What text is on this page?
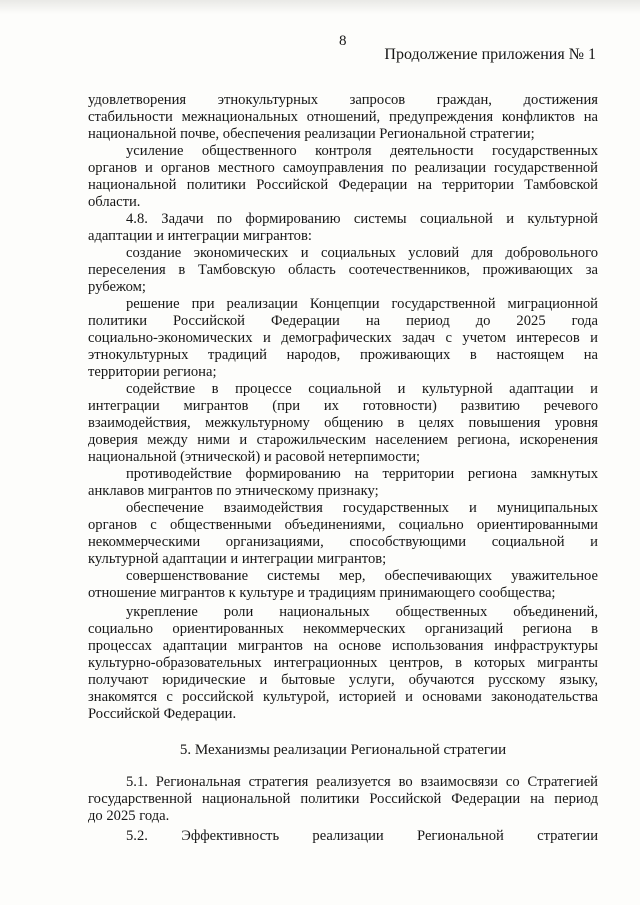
8
Продолжение приложения № 1
удовлетворения этнокультурных запросов граждан, достижения
стабильности межнациональных отношений, предупреждения конфликтов на
национальной почве, обеспечения реализации Региональной стратегии;
усиление общественного контроля деятельности государственных
органов и органов местного самоуправления по реализации государственной
национальной политики Российской Федерации на территории Тамбовской
области.
4.8. Задачи по формированию системы социальной и культурной
адаптации и интеграции мигрантов:
создание экономических и социальных условий для добровольного
переселения в Тамбовскую область соотечественников, проживающих за
рубежом;
решение при реализации Концепции государственной миграционной
политики Российской Федерации на период до 2025 года
социально-экономических и демографических задач с учетом интересов и
этнокультурных традиций народов, проживающих в настоящем на
территории региона;
содействие в процессе социальной и культурной адаптации и
интеграции мигрантов (при их готовности) развитию речевого
взаимодействия, межкультурному общению в целях повышения уровня
доверия между ними и старожильческим населением региона, искоренения
национальной (этнической) и расовой нетерпимости;
противодействие формированию на территории региона замкнутых
анклавов мигрантов по этническому признаку;
обеспечение взаимодействия государственных и муниципальных
органов с общественными объединениями, социально ориентированными
некоммерческими организациями, способствующими социальной и
культурной адаптации и интеграции мигрантов;
совершенствование системы мер, обеспечивающих уважительное
отношение мигрантов к культуре и традициям принимающего сообщества;
укрепление роли национальных общественных объединений,
социально ориентированных некоммерческих организаций региона в
процессах адаптации мигрантов на основе использования инфраструктуры
культурно-образовательных интеграционных центров, в которых мигранты
получают юридические и бытовые услуги, обучаются русскому языку,
знакомятся с российской культурой, историей и основами законодательства
Российской Федерации.
5. Механизмы реализации Региональной стратегии
5.1. Региональная стратегия реализуется во взаимосвязи со Стратегией
государственной национальной политики Российской Федерации на период
до 2025 года.
5.2. Эффективность реализации Региональной стратегии
